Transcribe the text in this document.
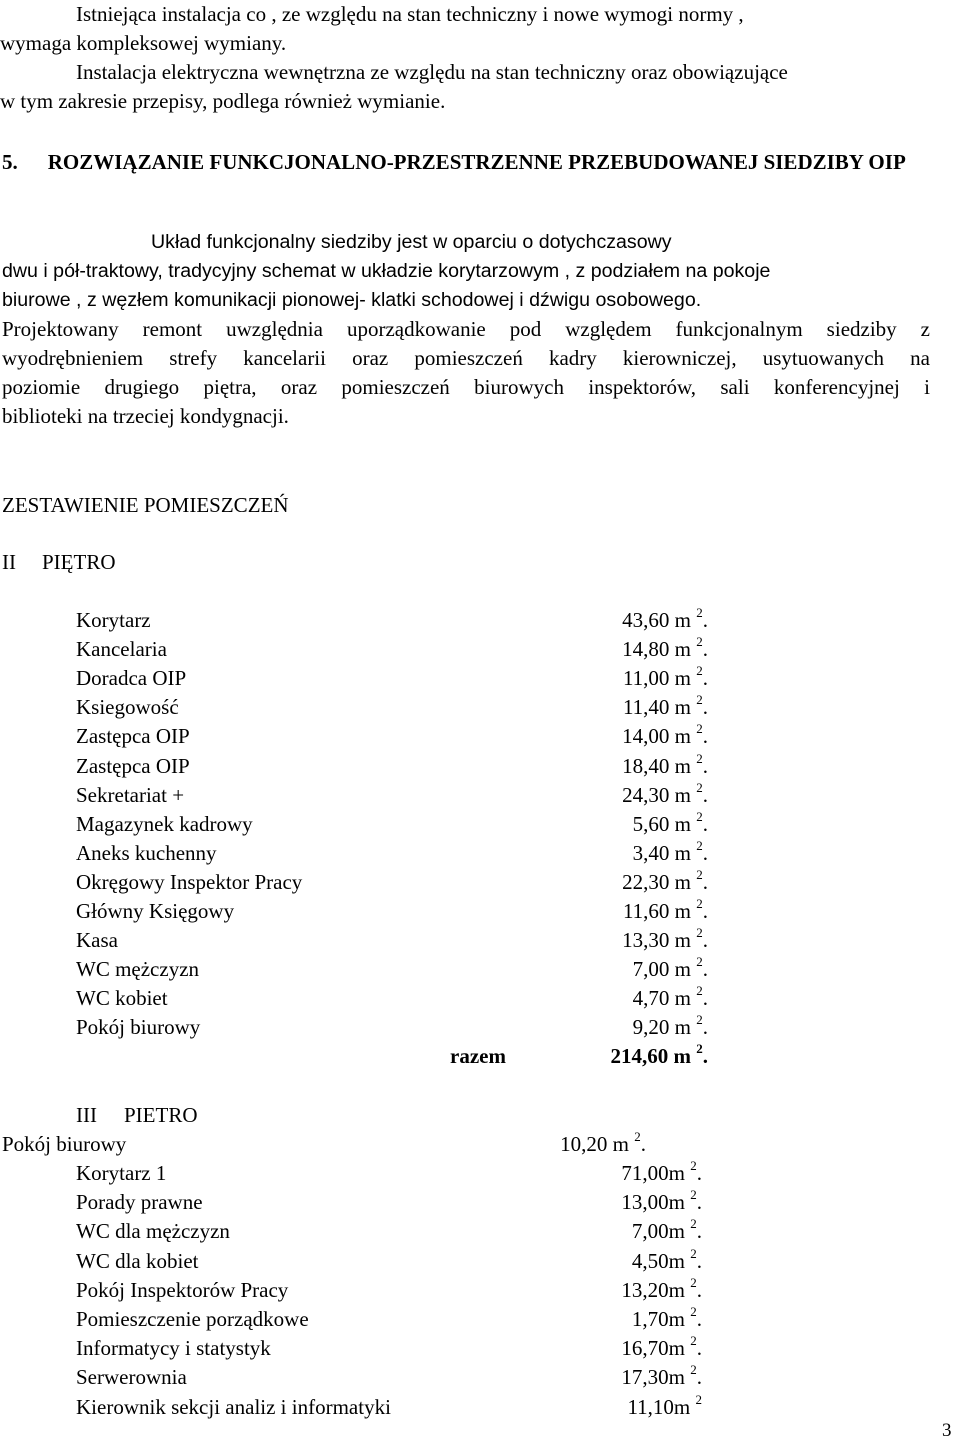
Istniejąca instalacja co , ze względu na stan techniczny i nowe wymogi normy ,
wymaga kompleksowej wymiany.
Instalacja elektryczna wewnętrzna ze względu na stan techniczny oraz obowiązujące
w tym zakresie przepisy, podlega również wymianie.
5. ROZWIĄZANIE FUNKCJONALNO-PRZESTRZENNE PRZEBUDOWANEJ SIEDZIBY OIP
Układ funkcjonalny siedziby jest w oparciu o dotychczasowy
dwu i pół-traktowy, tradycyjny schemat w układzie korytarzowym , z podziałem na pokoje
biurowe , z węzłem komunikacji pionowej- klatki schodowej i dźwigu osobowego.
Projektowany remont uwzględnia uporządkowanie pod względem funkcjonalnym siedziby z
wyodrębnieniem strefy kancelarii oraz pomieszczeń kadry kierowniczej, usytuowanych na
poziomie drugiego piętra, oraz pomieszczeń biurowych inspektorów, sali konferencyjnej i
biblioteki na trzeciej kondygnacji.
ZESTAWIENIE POMIESZCZEŃ
II PIĘTRO
Korytarz	43,60 m $^2$.
Kancelaria	14,80 m $^2$.
Doradca OIP	11,00 m $^2$.
Ksiegowość	11,40 m $^2$.
Zastępca OIP	14,00 m $^2$.
Zastępca OIP	18,40 m $^2$.
Sekretariat +	24,30 m $^2$.
Magazynek kadrowy	5,60 m $^2$.
Aneks kuchenny	3,40 m $^2$.
Okręgowy Inspektor Pracy	22,30 m $^2$.
Główny Księgowy	11,60 m $^2$.
Kasa	13,30 m $^2$.
WC mężczyzn	7,00 m $^2$.
WC kobiet	4,70 m $^2$.
Pokój biurowy	9,20 m $^2$.
razem	214,60 m $^2$.
III PIETRO
Pokój biurowy	10,20 m $^2$.
Korytarz 1	71,00m $^2$.
Porady prawne	13,00m $^2$.
WC dla mężczyzn	7,00m $^2$.
WC dla kobiet	4,50m $^2$.
Pokój Inspektorów Pracy	13,20m $^2$.
Pomieszczenie porządkowe	1,70m $^2$.
Informatycy i statystyk	16,70m $^2$.
Serwerownia	17,30m $^2$.
Kierownik sekcji analiz i informatyki	11,10m $^2$
3
